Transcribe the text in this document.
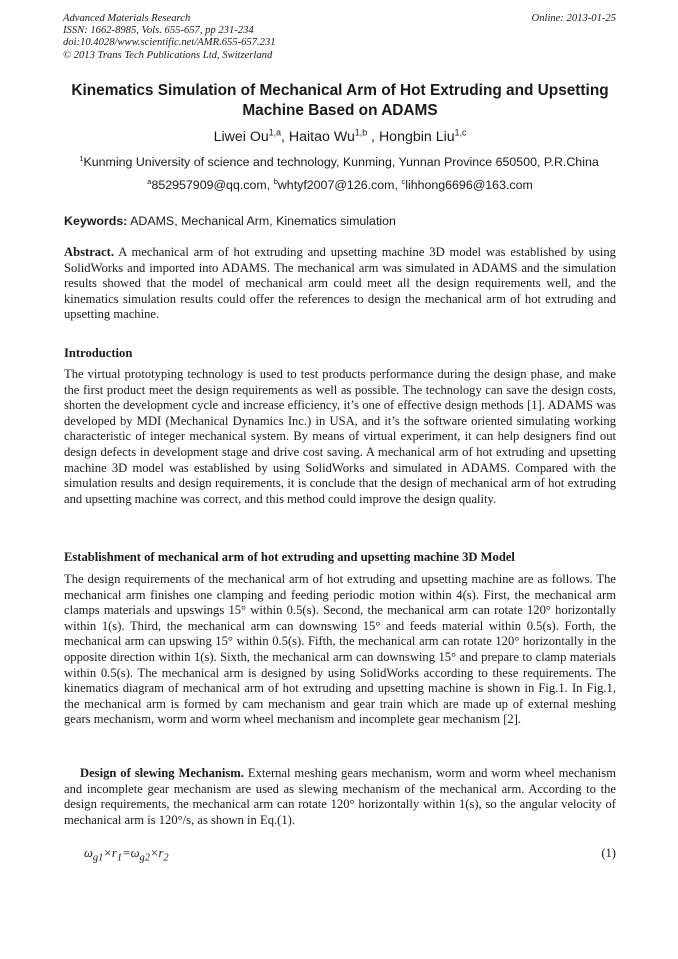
Advanced Materials Research
ISSN: 1662-8985, Vols. 655-657, pp 231-234
doi:10.4028/www.scientific.net/AMR.655-657.231
© 2013 Trans Tech Publications Ltd, Switzerland
Online: 2013-01-25
Kinematics Simulation of Mechanical Arm of Hot Extruding and Upsetting Machine Based on ADAMS
Liwei Ou$^{1,a}$, Haitao Wu$^{1,b}$ , Hongbin Liu$^{1,c}$
$^1$Kunming University of science and technology, Kunming, Yunnan Province 650500, P.R.China
$^a$852957909@qq.com, $^b$whtyf2007@126.com, $^c$lihhong6696@163.com
Keywords: ADAMS, Mechanical Arm, Kinematics simulation
Abstract. A mechanical arm of hot extruding and upsetting machine 3D model was established by using SolidWorks and imported into ADAMS. The mechanical arm was simulated in ADAMS and the simulation results showed that the model of mechanical arm could meet all the design requirements well, and the kinematics simulation results could offer the references to design the mechanical arm of hot extruding and upsetting machine.
Introduction
The virtual prototyping technology is used to test products performance during the design phase, and make the first product meet the design requirements as well as possible. The technology can save the design costs, shorten the development cycle and increase efficiency, it’s one of effective design methods [1]. ADAMS was developed by MDI (Mechanical Dynamics Inc.) in USA, and it’s the software oriented simulating working characteristic of integer mechanical system. By means of virtual experiment, it can help designers find out design defects in development stage and drive cost saving. A mechanical arm of hot extruding and upsetting machine 3D model was established by using SolidWorks and simulated in ADAMS. Compared with the simulation results and design requirements, it is conclude that the design of mechanical arm of hot extruding and upsetting machine was correct, and this method could improve the design quality.
Establishment of mechanical arm of hot extruding and upsetting machine 3D Model
The design requirements of the mechanical arm of hot extruding and upsetting machine are as follows. The mechanical arm finishes one clamping and feeding periodic motion within 4(s). First, the mechanical arm clamps materials and upswings 15° within 0.5(s). Second, the mechanical arm can rotate 120° horizontally within 1(s). Third, the mechanical arm can downswing 15° and feeds material within 0.5(s). Forth, the mechanical arm can upswing 15° within 0.5(s). Fifth, the mechanical arm can rotate 120° horizontally in the opposite direction within 1(s). Sixth, the mechanical arm can downswing 15° and prepare to clamp materials within 0.5(s). The mechanical arm is designed by using SolidWorks according to these requirements. The kinematics diagram of mechanical arm of hot extruding and upsetting machine is shown in Fig.1. In Fig.1, the mechanical arm is formed by cam mechanism and gear train which are made up of external meshing gears mechanism, worm and worm wheel mechanism and incomplete gear mechanism [2].
Design of slewing Mechanism. External meshing gears mechanism, worm and worm wheel mechanism and incomplete gear mechanism are used as slewing mechanism of the mechanical arm. According to the design requirements, the mechanical arm can rotate 120° horizontally within 1(s), so the angular velocity of mechanical arm is 120°/s, as shown in Eq.(1).
$\omega_{g1}\times r_1=\omega_{g2}\times r_2$	(1)
